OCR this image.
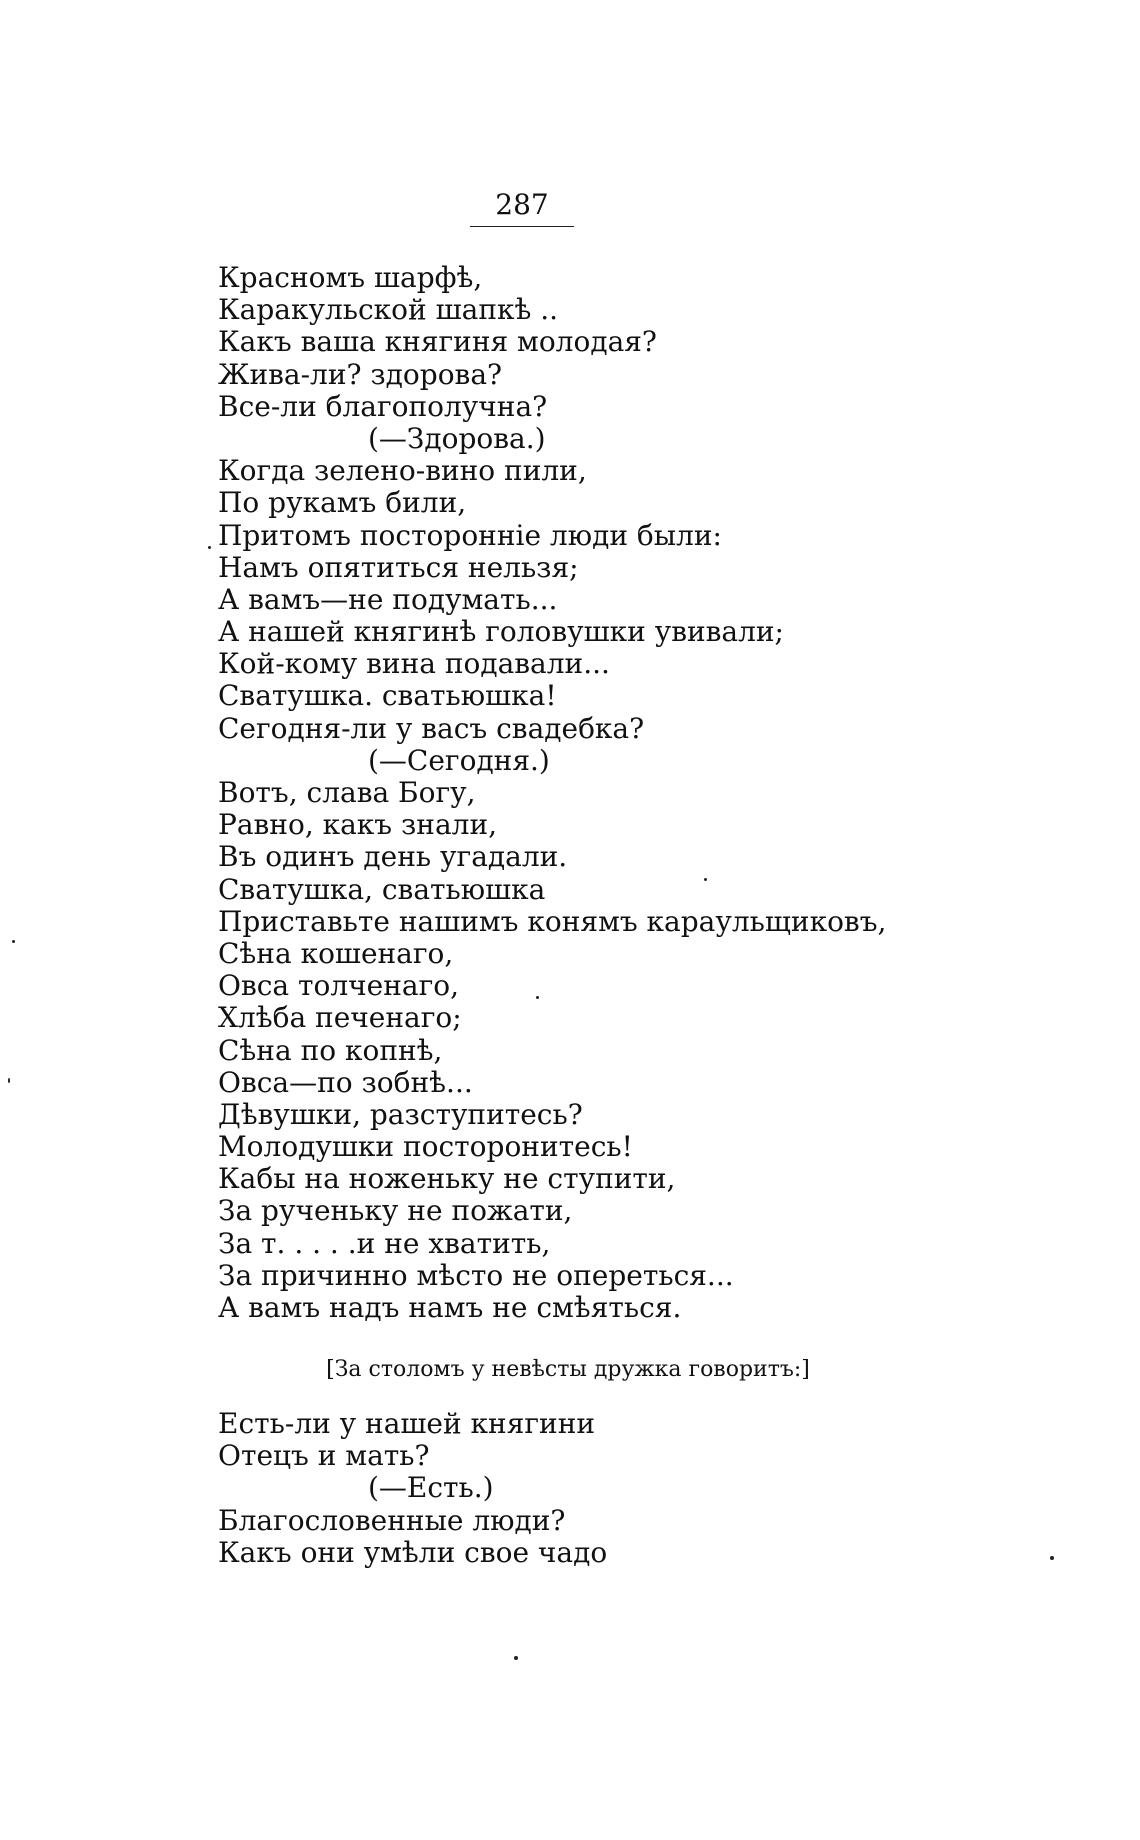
287
Красномъ шарфѣ,
Каракульской шапкѣ ..
Какъ ваша княгиня молодая?
Жива-ли? здорова?
Все-ли благополучна?
(—Здорова.)
Когда зелено-вино пили,
По рукамъ били,
Притомъ посторонніе люди были:
Намъ опятиться нельзя;
А вамъ—не подумать...
А нашей княгинѣ головушки увивали;
Кой-кому вина подавали...
Сватушка. сватьюшка!
Сегодня-ли у васъ свадебка?
(—Сегодня.)
Вотъ, слава Богу,
Равно, какъ знали,
Въ одинъ день угадали.
Сватушка, сватьюшка
Приставьте нашимъ конямъ караульщиковъ,
Сѣна кошенаго,
Овса толченаго,
Хлѣба печенаго;
Сѣна по копнѣ,
Овса—по зобнѣ...
Дѣвушки, разступитесь?
Молодушки посторонитесь!
Кабы на ноженьку не ступити,
За рученьку не пожати,
За т. . . . .и не хватить,
За причинно мѣсто не опереться...
А вамъ надъ намъ не смѣяться.
[За столомъ у невѣсты дружка говоритъ:]
Есть-ли у нашей княгини
Отецъ и мать?
(—Есть.)
Благословенные люди?
Какъ они умѣли свое чадо
